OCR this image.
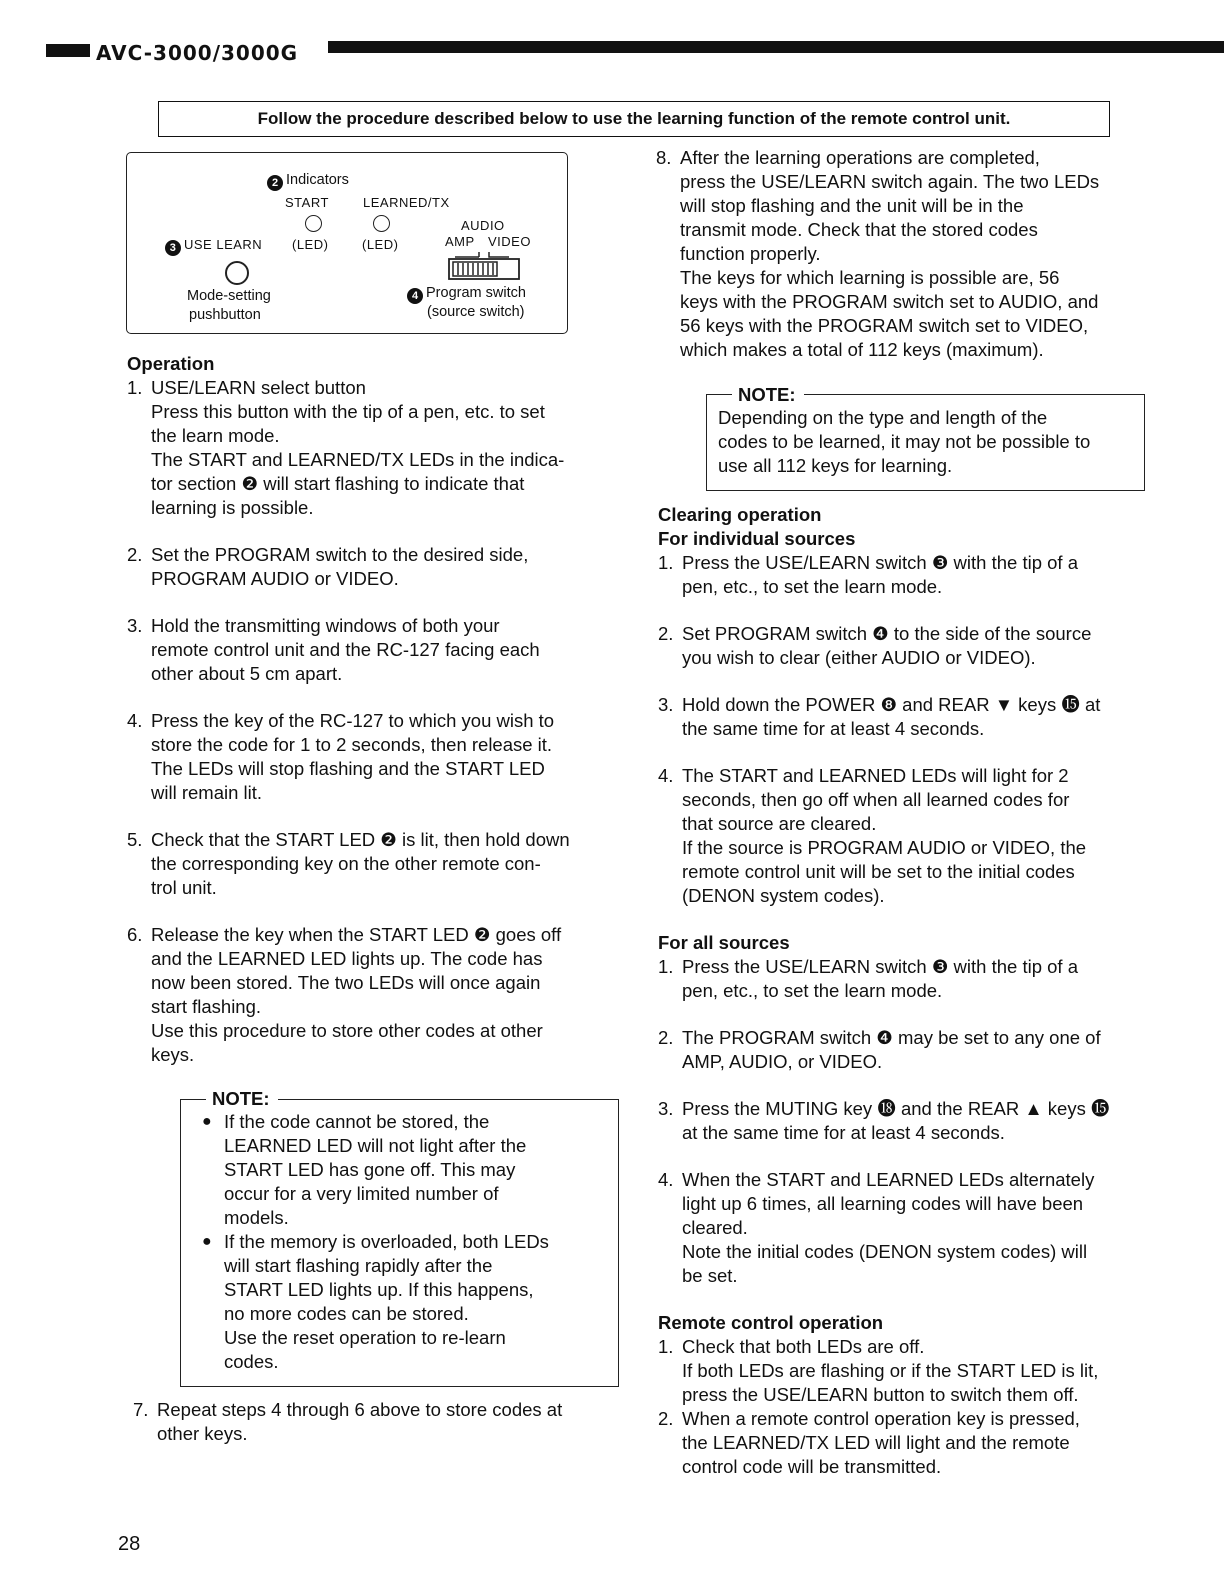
AVC-3000/3000G
Follow the procedure described below to use the learning function of the remote control unit.
2 Indicators
START	LEARNED/TX
AUDIO
3 USE LEARN (LED)	(LED)	AMP VIDEO
Mode-setting
pushbutton
4 Program switch
(source switch)
Operation
1. USE/LEARN select button

Press this button with the tip of a pen, etc. to set

the learn mode.

The START and LEARNED/TX LEDs in the indica-

tor section ❷ will start flashing to indicate that

learning is possible.

2. Set the PROGRAM switch to the desired side,

PROGRAM AUDIO or VIDEO.

3. Hold the transmitting windows of both your

remote control unit and the RC-127 facing each

other about 5 cm apart.

4. Press the key of the RC-127 to which you wish to

store the code for 1 to 2 seconds, then release it.

The LEDs will stop flashing and the START LED

will remain lit.

5. Check that the START LED ❷ is lit, then hold down

the corresponding key on the other remote con-

trol unit.

6. Release the key when the START LED ❷ goes off

and the LEARNED LED lights up. The code has

now been stored. The two LEDs will once again

start flashing.

Use this procedure to store other codes at other

keys.

NOTE:
● If the code cannot be stored, the

LEARNED LED will not light after the

START LED has gone off. This may

occur for a very limited number of

models.

● If the memory is overloaded, both LEDs

will start flashing rapidly after the

START LED lights up. If this happens,

no more codes can be stored.

Use the reset operation to re-learn

codes.

7. Repeat steps 4 through 6 above to store codes at

other keys.

8. After the learning operations are completed,

press the USE/LEARN switch again. The two LEDs

will stop flashing and the unit will be in the

transmit mode. Check that the stored codes

function properly.

The keys for which learning is possible are, 56

keys with the PROGRAM switch set to AUDIO, and

56 keys with the PROGRAM switch set to VIDEO,

which makes a total of 112 keys (maximum).

NOTE:

Depending on the type and length of the

codes to be learned, it may not be possible to

use all 112 keys for learning.

Clearing operation
For individual sources
1. Press the USE/LEARN switch ❸ with the tip of a

pen, etc., to set the learn mode.

2. Set PROGRAM switch ❹ to the side of the source

you wish to clear (either AUDIO or VIDEO).

3. Hold down the POWER ❽ and REAR ▼ keys ⓯ at

the same time for at least 4 seconds.

4. The START and LEARNED LEDs will light for 2

seconds, then go off when all learned codes for

that source are cleared.

If the source is PROGRAM AUDIO or VIDEO, the

remote control unit will be set to the initial codes

(DENON system codes).

For all sources
1. Press the USE/LEARN switch ❸ with the tip of a

pen, etc., to set the learn mode.

2. The PROGRAM switch ❹ may be set to any one of

AMP, AUDIO, or VIDEO.

3. Press the MUTING key ⓲ and the REAR ▲ keys ⓯

at the same time for at least 4 seconds.

4. When the START and LEARNED LEDs alternately

light up 6 times, all learning codes will have been

cleared.

Note the initial codes (DENON system codes) will

be set.

Remote control operation
1. Check that both LEDs are off.

If both LEDs are flashing or if the START LED is lit,

press the USE/LEARN button to switch them off.

2. When a remote control operation key is pressed,

the LEARNED/TX LED will light and the remote

control code will be transmitted.

28
